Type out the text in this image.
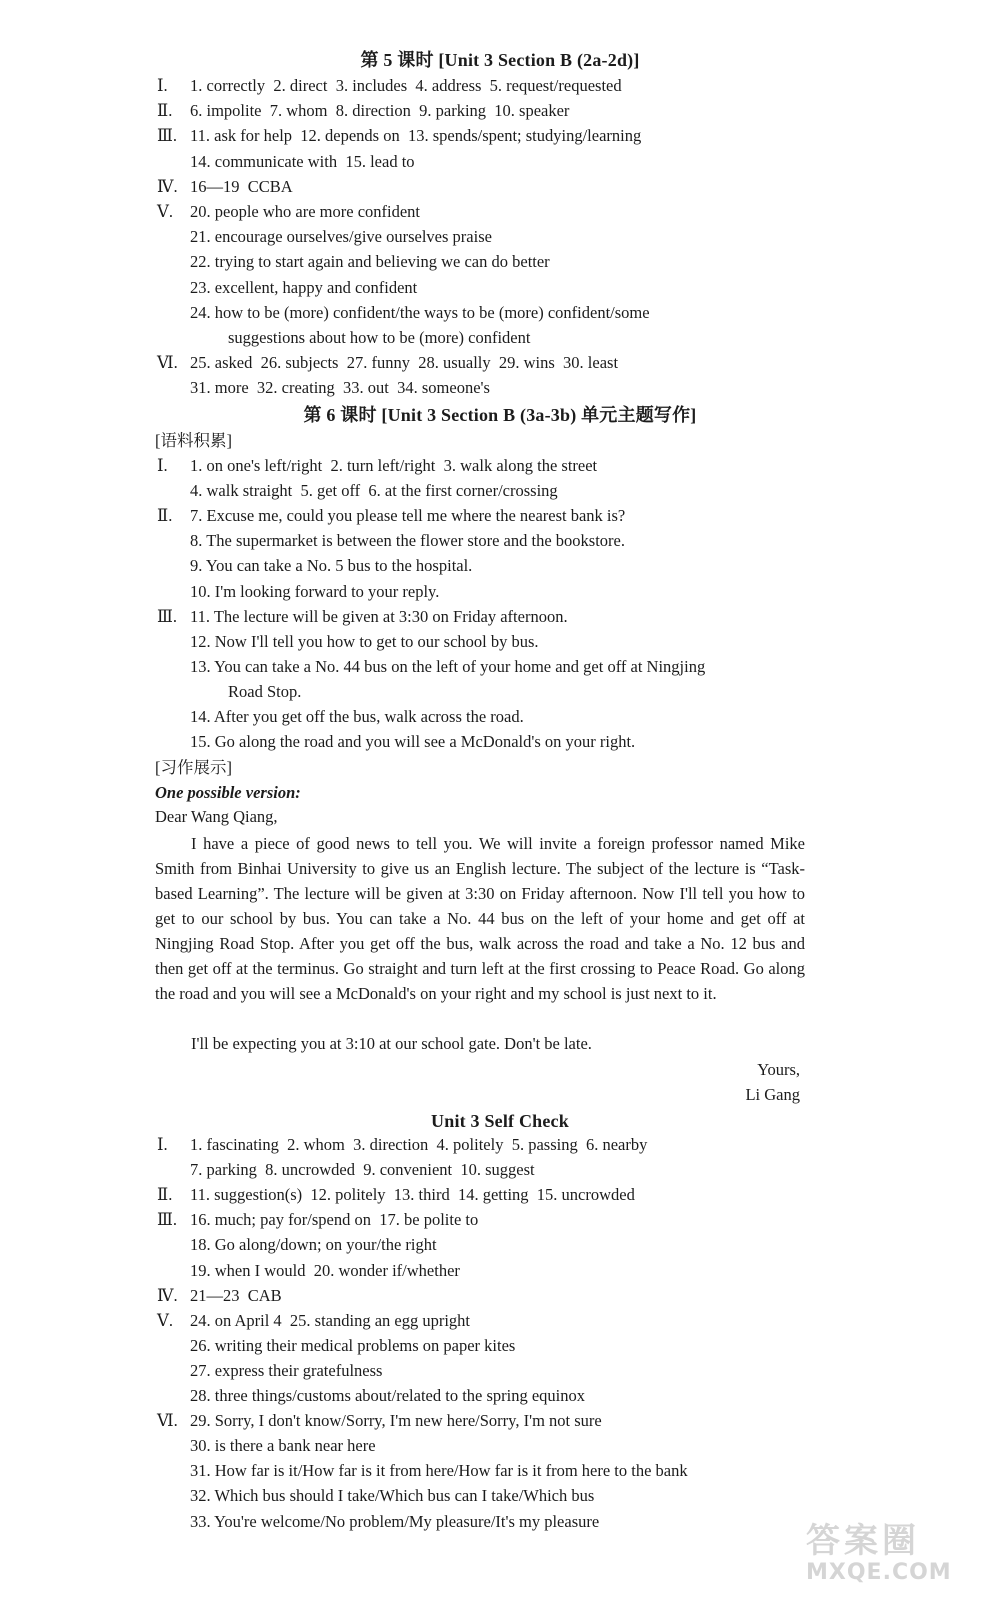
第 5 课时 [Unit 3 Section B (2a-2d)]
Ⅰ. 1. correctly  2. direct  3. includes  4. address  5. request/requested
Ⅱ. 6. impolite  7. whom  8. direction  9. parking  10. speaker
Ⅲ. 11. ask for help  12. depends on  13. spends/spent; studying/learning
14. communicate with  15. lead to
Ⅳ. 16—19  CCBA
Ⅴ. 20. people who are more confident
21. encourage ourselves/give ourselves praise
22. trying to start again and believing we can do better
23. excellent, happy and confident
24. how to be (more) confident/the ways to be (more) confident/some
suggestions about how to be (more) confident
Ⅵ. 25. asked  26. subjects  27. funny  28. usually  29. wins  30. least
31. more  32. creating  33. out  34. someone's
第 6 课时 [Unit 3 Section B (3a-3b) 单元主题写作]
[语料积累]
Ⅰ. 1. on one's left/right  2. turn left/right  3. walk along the street
4. walk straight  5. get off  6. at the first corner/crossing
Ⅱ. 7. Excuse me, could you please tell me where the nearest bank is?
8. The supermarket is between the flower store and the bookstore.
9. You can take a No. 5 bus to the hospital.
10. I'm looking forward to your reply.
Ⅲ. 11. The lecture will be given at 3:30 on Friday afternoon.
12. Now I'll tell you how to get to our school by bus.
13. You can take a No. 44 bus on the left of your home and get off at Ningjing
Road Stop.
14. After you get off the bus, walk across the road.
15. Go along the road and you will see a McDonald's on your right.
[习作展示]
One possible version:
Dear Wang Qiang,
I have a piece of good news to tell you. We will invite a foreign professor named Mike Smith from Binhai University to give us an English lecture. The subject of the lecture is “Task-based Learning”. The lecture will be given at 3:30 on Friday afternoon. Now I'll tell you how to get to our school by bus. You can take a No. 44 bus on the left of your home and get off at Ningjing Road Stop. After you get off the bus, walk across the road and take a No. 12 bus and then get off at the terminus. Go straight and turn left at the first crossing to Peace Road. Go along the road and you will see a McDonald's on your right and my school is just next to it.
I'll be expecting you at 3:10 at our school gate. Don't be late.
Yours,
Li Gang
Unit 3 Self Check
Ⅰ. 1. fascinating  2. whom  3. direction  4. politely  5. passing  6. nearby
7. parking  8. uncrowded  9. convenient  10. suggest
Ⅱ. 11. suggestion(s)  12. politely  13. third  14. getting  15. uncrowded
Ⅲ. 16. much; pay for/spend on  17. be polite to
18. Go along/down; on your/the right
19. when I would  20. wonder if/whether
Ⅳ. 21—23  CAB
Ⅴ. 24. on April 4  25. standing an egg upright
26. writing their medical problems on paper kites
27. express their gratefulness
28. three things/customs about/related to the spring equinox
Ⅵ. 29. Sorry, I don't know/Sorry, I'm new here/Sorry, I'm not sure
30. is there a bank near here
31. How far is it/How far is it from here/How far is it from here to the bank
32. Which bus should I take/Which bus can I take/Which bus
33. You're welcome/No problem/My pleasure/It's my pleasure	答案圈
MXQE.COM
